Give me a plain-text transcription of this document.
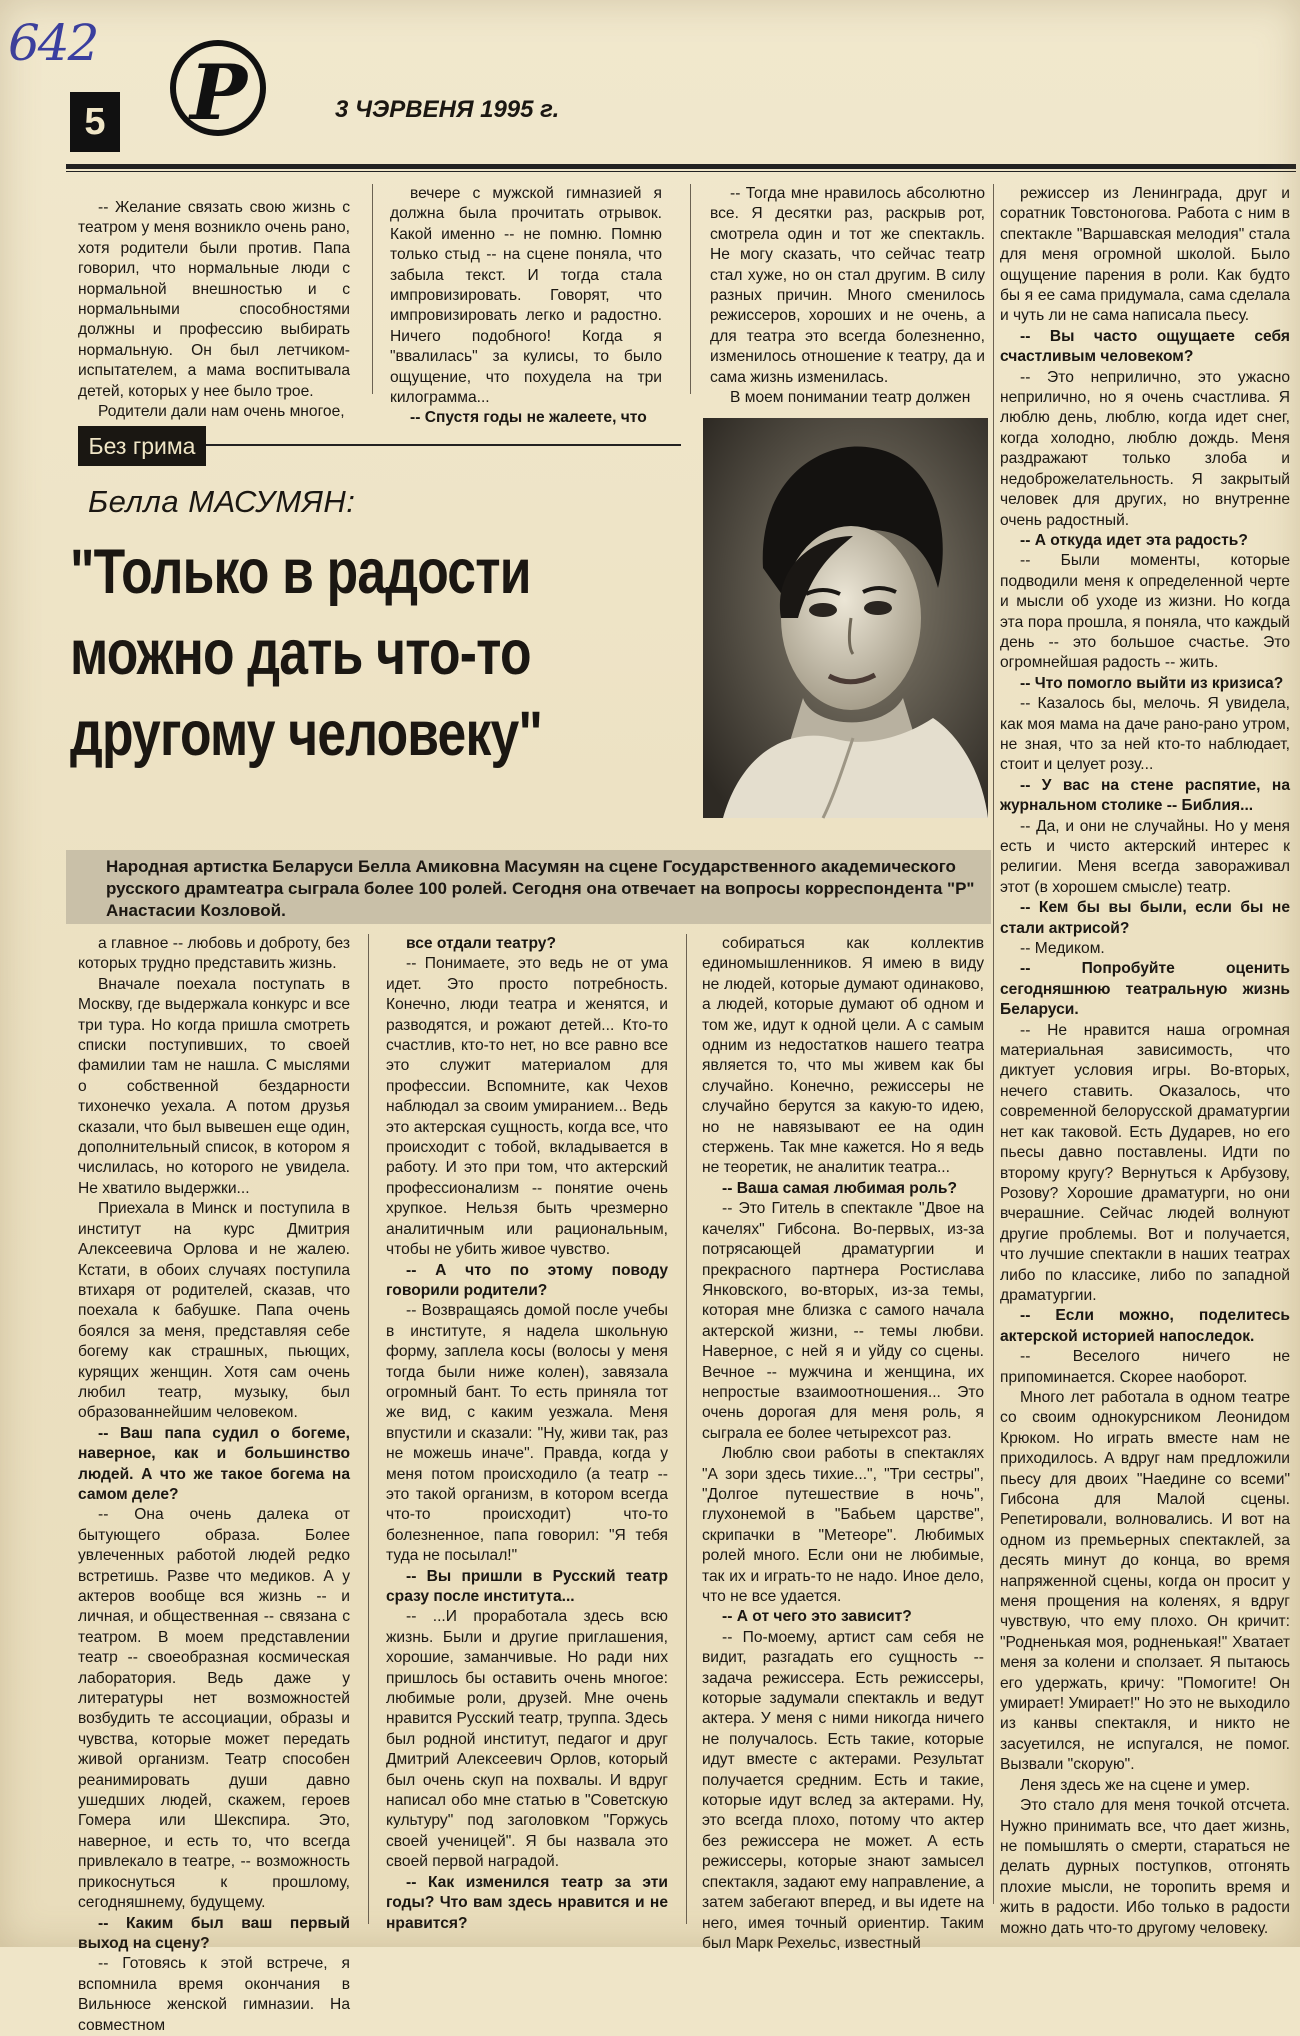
642
5 Р	3 ЧЭРВЕНЯ 1995 г.

-- Желание связать свою жизнь с театром у меня возникло очень рано, хотя родители были против. Папа говорил, что нормальные люди с нормальной внешностью и с нормальными способностями должны и профессию выбирать нормальную. Он был летчиком-испытателем, а мама воспитывала детей, которых у нее было трое.

Родители дали нам очень многое,

вечере с мужской гимназией я должна была прочитать отрывок. Какой именно -- не помню. Помню только стыд -- на сцене поняла, что забыла текст. И тогда стала импровизировать. Говорят, что импровизировать легко и радостно. Ничего подобного! Когда я "ввалилась" за кулисы, то было ощущение, что похудела на три килограмма...

-- Спустя годы не жалеете, что

-- Тогда мне нравилось абсолютно все. Я десятки раз, раскрыв рот, смотрела один и тот же спектакль. Не могу сказать, что сейчас театр стал хуже, но он стал другим. В силу разных причин. Много сменилось режиссеров, хороших и не очень, а для театра это всегда болезненно, изменилось отношение к театру, да и сама жизнь изменилась.

В моем понимании театр должен

режиссер из Ленинграда, друг и соратник Товстоногова. Работа с ним в спектакле "Варшавская мелодия" стала для меня огромной школой. Было ощущение парения в роли. Как будто бы я ее сама придумала, сама сделала и чуть ли не сама написала пьесу.

-- Вы часто ощущаете себя счастливым человеком?

-- Это неприлично, это ужасно неприлично, но я очень счастлива. Я люблю день, люблю, когда идет снег, когда холодно, люблю дождь. Меня раздражают только злоба и недоброжелательность. Я закрытый человек для других, но внутренне очень радостный.

-- А откуда идет эта радость?

-- Были моменты, которые подводили меня к определенной черте и мысли об уходе из жизни. Но когда эта пора прошла, я поняла, что каждый день -- это большое счастье. Это огромнейшая радость -- жить.

-- Что помогло выйти из кризиса?

-- Казалось бы, мелочь. Я увидела, как моя мама на даче рано-рано утром, не зная, что за ней кто-то наблюдает, стоит и целует розу...

-- У вас на стене распятие, на журнальном столике -- Библия...

-- Да, и они не случайны. Но у меня есть и чисто актерский интерес к религии. Меня всегда завораживал этот (в хорошем смысле) театр.

-- Кем бы вы были, если бы не стали актрисой?

-- Медиком.

-- Попробуйте оценить сегодняшнюю театральную жизнь Беларуси.

-- Не нравится наша огромная материальная зависимость, что диктует условия игры. Во-вторых, нечего ставить. Оказалось, что современной белорусской драматургии нет как таковой. Есть Дударев, но его пьесы давно поставлены. Идти по второму кругу? Вернуться к Арбузову, Розову? Хорошие драматурги, но они вчерашние. Сейчас людей волнуют другие проблемы. Вот и получается, что лучшие спектакли в наших театрах либо по классике, либо по западной драматургии.

-- Если можно, поделитесь актерской историей напоследок.

-- Веселого ничего не припоминается. Скорее наоборот.

Много лет работала в одном театре со своим однокурсником Леонидом Крюком. Но играть вместе нам не приходилось. А вдруг нам предложили пьесу для двоих "Наедине со всеми" Гибсона для Малой сцены. Репетировали, волновались. И вот на одном из премьерных спектаклей, за десять минут до конца, во время напряженной сцены, когда он просит у меня прощения на коленях, я вдруг чувствую, что ему плохо. Он кричит: "Родненькая моя, родненькая!" Хватает меня за колени и сползает. Я пытаюсь его удержать, кричу: "Помогите! Он умирает! Умирает!" Но это не выходило из канвы спектакля, и никто не засуетился, не испугался, не помог. Вызвали "скорую".

Леня здесь же на сцене и умер.

Это стало для меня точкой отсчета. Нужно принимать все, что дает жизнь, не помышлять о смерти, стараться не делать дурных поступков, отгонять плохие мысли, не торопить время и жить в радости. Ибо только в радости можно дать что-то другому человеку.

Без грима
Белла МАСУМЯН:
"Только в радости
можно дать что-то
другому человеку"
Народная артистка Беларуси Белла Амиковна Масумян на сцене Государственного академического русского драмтеатра сыграла более 100 ролей. Сегодня она отвечает на вопросы корреспондента "Р" Анастасии Козловой.

а главное -- любовь и доброту, без которых трудно представить жизнь.

Вначале поехала поступать в Москву, где выдержала конкурс и все три тура. Но когда пришла смотреть списки поступивших, то своей фамилии там не нашла. С мыслями о собственной бездарности тихонечко уехала. А потом друзья сказали, что был вывешен еще один, дополнительный список, в котором я числилась, но которого не увидела. Не хватило выдержки...

Приехала в Минск и поступила в институт на курс Дмитрия Алексеевича Орлова и не жалею. Кстати, в обоих случаях поступила втихаря от родителей, сказав, что поехала к бабушке. Папа очень боялся за меня, представляя себе богему как страшных, пьющих, курящих женщин. Хотя сам очень любил театр, музыку, был образованнейшим человеком.

-- Ваш папа судил о богеме, наверное, как и большинство людей. А что же такое богема на самом деле?

-- Она очень далека от бытующего образа. Более увлеченных работой людей редко встретишь. Разве что медиков. А у актеров вообще вся жизнь -- и личная, и общественная -- связана с театром. В моем представлении театр -- своеобразная космическая лаборатория. Ведь даже у литературы нет возможностей возбудить те ассоциации, образы и чувства, которые может передать живой организм. Театр способен реанимировать души давно ушедших людей, скажем, героев Гомера или Шекспира. Это, наверное, и есть то, что всегда привлекало в театре, -- возможность прикоснуться к прошлому, сегодняшнему, будущему.

-- Каким был ваш первый выход на сцену?

-- Готовясь к этой встрече, я вспомнила время окончания в Вильнюсе женской гимназии. На совместном

все отдали театру?

-- Понимаете, это ведь не от ума идет. Это просто потребность. Конечно, люди театра и женятся, и разводятся, и рожают детей... Кто-то счастлив, кто-то нет, но все равно все это служит материалом для профессии. Вспомните, как Чехов наблюдал за своим умиранием... Ведь это актерская сущность, когда все, что происходит с тобой, вкладывается в работу. И это при том, что актерский профессионализм -- понятие очень хрупкое. Нельзя быть чрезмерно аналитичным или рациональным, чтобы не убить живое чувство.

-- А что по этому поводу говорили родители?

-- Возвращаясь домой после учебы в институте, я надела школьную форму, заплела косы (волосы у меня тогда были ниже колен), завязала огромный бант. То есть приняла тот же вид, с каким уезжала. Меня впустили и сказали: "Ну, живи так, раз не можешь иначе". Правда, когда у меня потом происходило (а театр -- это такой организм, в котором всегда что-то происходит) что-то болезненное, папа говорил: "Я тебя туда не посылал!"

-- Вы пришли в Русский театр сразу после института...

-- ...И проработала здесь всю жизнь. Были и другие приглашения, хорошие, заманчивые. Но ради них пришлось бы оставить очень многое: любимые роли, друзей. Мне очень нравится Русский театр, труппа. Здесь был родной институт, педагог и друг Дмитрий Алексеевич Орлов, который был очень скуп на похвалы. И вдруг написал обо мне статью в "Советскую культуру" под заголовком "Горжусь своей ученицей". Я бы назвала это своей первой наградой.

-- Как изменился театр за эти годы? Что вам здесь нравится и не нравится?

собираться как коллектив единомышленников. Я имею в виду не людей, которые думают одинаково, а людей, которые думают об одном и том же, идут к одной цели. А с самым одним из недостатков нашего театра является то, что мы живем как бы случайно. Конечно, режиссеры не случайно берутся за какую-то идею, но не навязывают ее на один стержень. Так мне кажется. Но я ведь не теоретик, не аналитик театра...

-- Ваша самая любимая роль?

-- Это Гитель в спектакле "Двое на качелях" Гибсона. Во-первых, из-за потрясающей драматургии и прекрасного партнера Ростислава Янковского, во-вторых, из-за темы, которая мне близка с самого начала актерской жизни, -- темы любви. Наверное, с ней я и уйду со сцены. Вечное -- мужчина и женщина, их непростые взаимоотношения... Это очень дорогая для меня роль, я сыграла ее более четырехсот раз.

Люблю свои работы в спектаклях "А зори здесь тихие...", "Три сестры", "Долгое путешествие в ночь", глухонемой в "Бабьем царстве", скрипачки в "Метеоре". Любимых ролей много. Если они не любимые, так их и играть-то не надо. Иное дело, что не все удается.

-- А от чего это зависит?

-- По-моему, артист сам себя не видит, разгадать его сущность -- задача режиссера. Есть режиссеры, которые задумали спектакль и ведут актера. У меня с ними никогда ничего не получалось. Есть такие, которые идут вместе с актерами. Результат получается средним. Есть и такие, которые идут вслед за актерами. Ну, это всегда плохо, потому что актер без режиссера не может. А есть режиссеры, которые знают замысел спектакля, задают ему направление, а затем забегают вперед, и вы идете на него, имея точный ориентир. Таким был Марк Рехельс, известный
